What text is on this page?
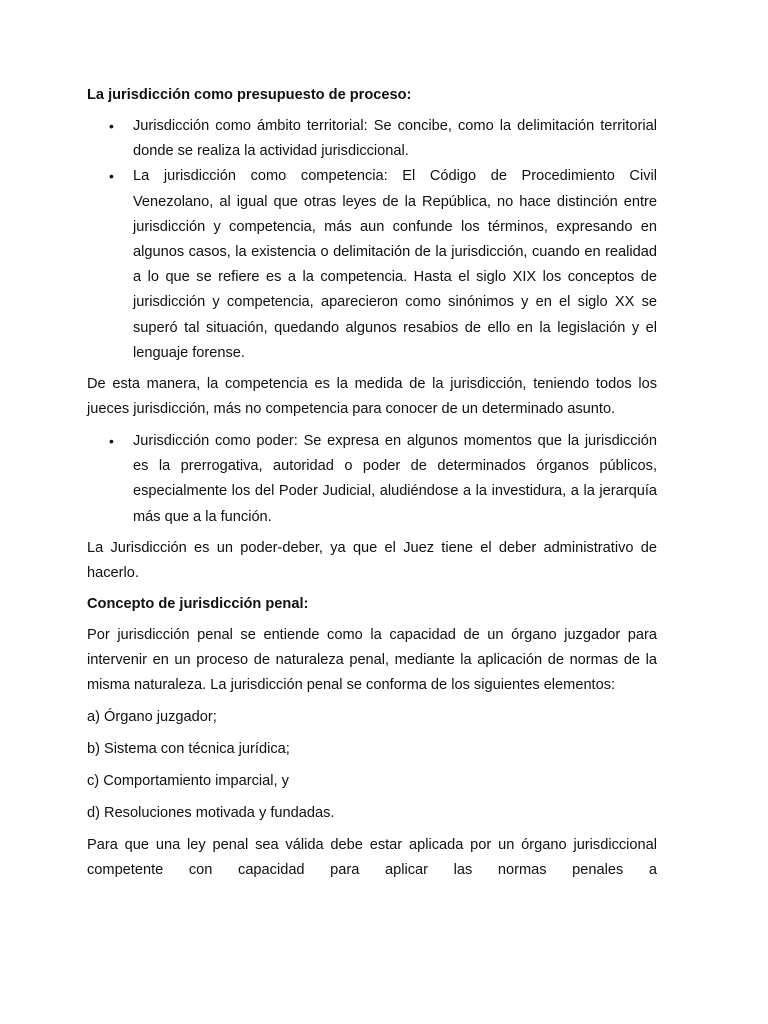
La jurisdicción como presupuesto de proceso:

• Jurisdicción como ámbito territorial: Se concibe, como la delimitación territorial donde se realiza la actividad jurisdiccional.
• La jurisdicción como competencia: El Código de Procedimiento Civil Venezolano, al igual que otras leyes de la República, no hace distinción entre jurisdicción y competencia, más aun confunde los términos, expresando en algunos casos, la existencia o delimitación de la jurisdicción, cuando en realidad a lo que se refiere es a la competencia. Hasta el siglo XIX los conceptos de jurisdicción y competencia, aparecieron como sinónimos y en el siglo XX se superó tal situación, quedando algunos resabios de ello en la legislación y el lenguaje forense.

De esta manera, la competencia es la medida de la jurisdicción, teniendo todos los jueces jurisdicción, más no competencia para conocer de un determinado asunto.

• Jurisdicción como poder: Se expresa en algunos momentos que la jurisdicción es la prerrogativa, autoridad o poder de determinados órganos públicos, especialmente los del Poder Judicial, aludiéndose a la investidura, a la jerarquía más que a la función.

La Jurisdicción es un poder-deber, ya que el Juez tiene el deber administrativo de hacerlo.

Concepto de jurisdicción penal:

Por jurisdicción penal se entiende como la capacidad de un órgano juzgador para intervenir en un proceso de naturaleza penal, mediante la aplicación de normas de la misma naturaleza. La jurisdicción penal se conforma de los siguientes elementos:

a) Órgano juzgador;

b) Sistema con técnica jurídica;

c) Comportamiento imparcial, y

d) Resoluciones motivada y fundadas.

Para que una ley penal sea válida debe estar aplicada por un órgano jurisdiccional competente con capacidad para aplicar las normas penales a
